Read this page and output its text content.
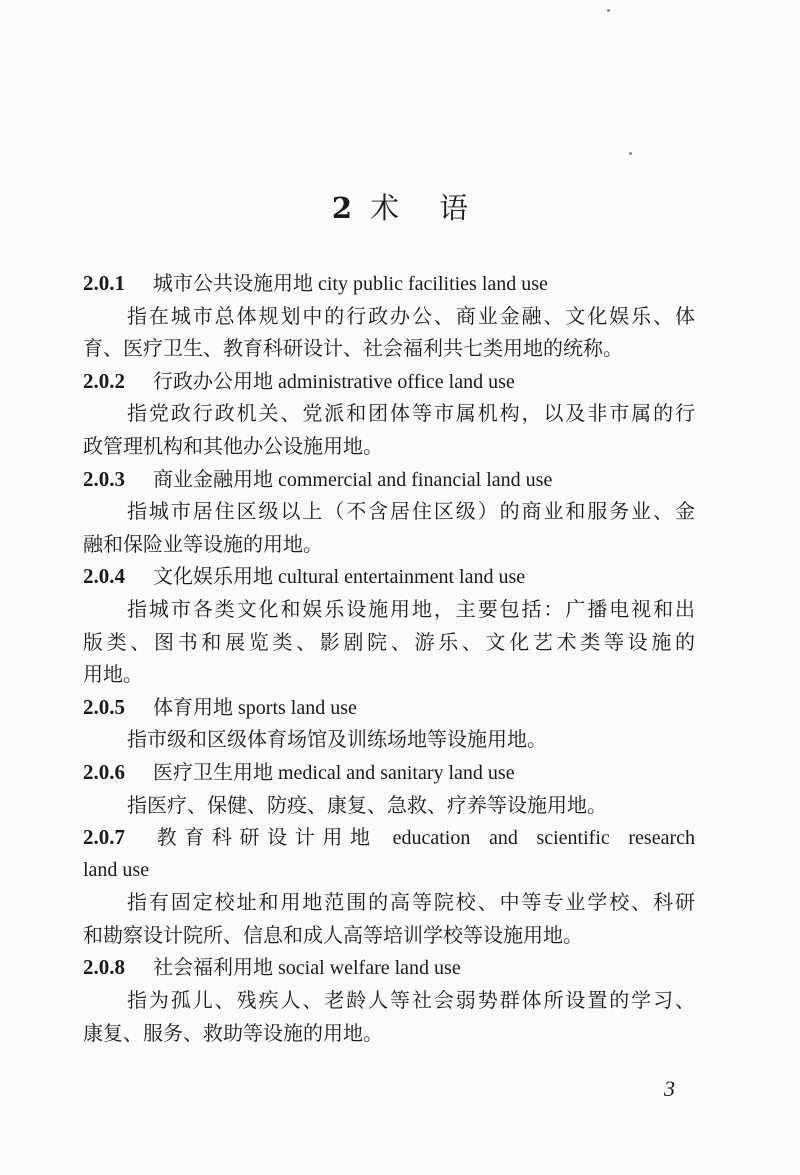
2 术 语
2.0.1 城市公共设施用地 city public facilities land use
指在城市总体规划中的行政办公、商业金融、文化娱乐、体
育、医疗卫生、教育科研设计、社会福利共七类用地的统称。
2.0.2 行政办公用地 administrative office land use
指党政行政机关、党派和团体等市属机构，以及非市属的行
政管理机构和其他办公设施用地。
2.0.3 商业金融用地 commercial and financial land use
指城市居住区级以上（不含居住区级）的商业和服务业、金
融和保险业等设施的用地。
2.0.4 文化娱乐用地 cultural entertainment land use
指城市各类文化和娱乐设施用地，主要包括：广播电视和出
版类、图书和展览类、影剧院、游乐、文化艺术类等设施的
用地。
2.0.5 体育用地 sports land use
指市级和区级体育场馆及训练场地等设施用地。
2.0.6 医疗卫生用地 medical and sanitary land use
指医疗、保健、防疫、康复、急救、疗养等设施用地。
2.0.7 教育科研设计用地 education and scientific research
land use
指有固定校址和用地范围的高等院校、中等专业学校、科研
和勘察设计院所、信息和成人高等培训学校等设施用地。
2.0.8 社会福利用地 social welfare land use
指为孤儿、残疾人、老龄人等社会弱势群体所设置的学习、
康复、服务、救助等设施的用地。
3
